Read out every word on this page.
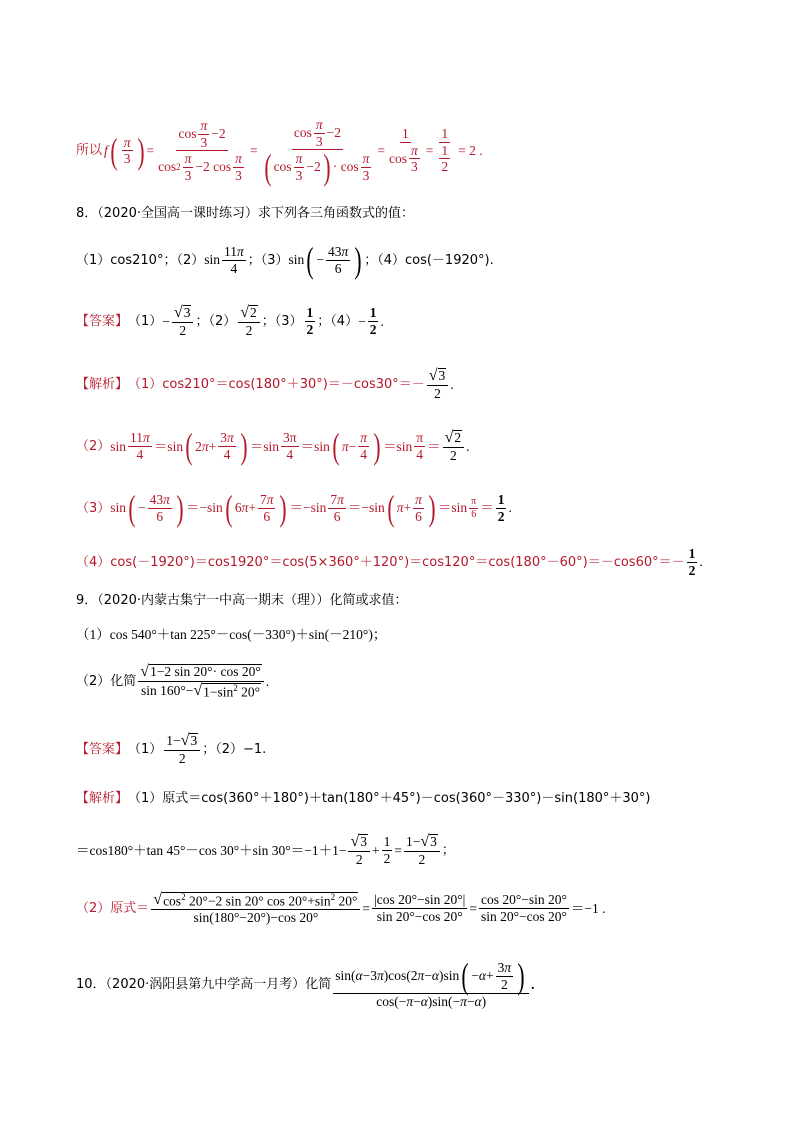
所以 f ( $\frac{\pi}{3}$ ) = $\frac{\cos \frac{\pi}{3} -2}{\cos 2 \frac{\pi}{3} -2 \cos \frac{\pi}{3}} = \frac{\cos \frac{\pi}{3} -2}{( \cos \frac{\pi}{3} -2 ) \cdot \cos \frac{\pi}{3}} = \frac{1}{\cos \frac{\pi}{3}} = \frac{1}{\frac{1}{2}} = 2$ .
8．（2020·全国高一课时练习）求下列各三角函数式的值：
（1）cos210°；（2） $\sin \frac{11 \pi}{4}$ ；（3） sin ( − $\frac{43 \pi}{6}$ ) ；（4）cos(－1920°).
【答案】 $(1) - \frac{√ 3}{2}$ ；$(2) \frac{√ 2}{2}$ ；$(3) \frac{1}{2}$ ；$(4) - \frac{1}{2}$ .
【解析】 $(1)\cos 210^\circ=\cos(180^\circ+30^\circ)=-\cos 30^\circ=- \frac{√ 3}{2}$ .
（2） $\sin \frac{11 \pi}{4} =\sin$ ( $2\pi+ \frac{3 \pi}{4}$ ) $=\sin \frac{3\pi}{4} =\sin$ ( $\pi - \frac{\pi}{4}$ ) $=\sin \frac{\pi}{4} = \frac{√ 2}{2}$ .
（3） sin ( − $\frac{43 \pi}{6}$ ) ＝−sin ( $6\pi+ \frac{7 \pi}{6}$ ) $=-\sin \frac{7 \pi}{6} =-\sin$ ( $\pi + \frac{\pi}{6}$ ) $=\sin \frac{\pi}{6} = \frac{1}{2}$ .
$(4)\cos(-1920^\circ)=\cos 1920^\circ=\cos(5\times 360^\circ+120^\circ)=\cos 120^\circ=\cos(180^\circ-60^\circ)=-\cos 60^\circ=- \frac{1}{2}$ .
9．（2020·内蒙古集宁一中高一期末（理））化简或求值：
（1）cos 540°＋tan 225°－cos(－330°)＋sin(－210°)；
（2）化简 $\frac{√ 1-2 \sin 20^\circ\cdot \cos 20^\circ}{\sin 160^\circ- √ 1-\sin^2 20^\circ}$ .
【答案】 $(1) \frac{1- √ 3}{2}$ ；（2）−1.
【解析】 （1）原式＝cos(360°＋180°)＋tan(180°＋45°)－cos(360°－330°)－sin(180°＋30°)
＝cos180°＋tan 45°－cos 30°＋sin $30^\circ=-1+1- \frac{√ 3}{2} + \frac{1}{2} = \frac{1- √ 3}{2}$ ；
（2）原式＝ $\frac{√ \cos^2 20^\circ-2 \sin 20^\circ \cos 20^\circ+\sin^2 20^\circ}{\sin(180^\circ-20^\circ)-\cos 20^\circ} = \frac{|\cos 20^\circ-\sin 20^\circ|}{\sin 20^\circ-\cos 20^\circ} = \frac{\cos 20^\circ-\sin 20^\circ}{\sin 20^\circ-\cos 20^\circ} =-1$ .
10．（2020·涡阳县第九中学高一月考）化简 $\frac{\sin( \alpha -3 \pi )\cos(2 \pi - \alpha )\sin ( - \alpha + \frac{3 \pi}{2} )}{\cos(- \pi - \alpha )\sin(- \pi - \alpha )}$ .
